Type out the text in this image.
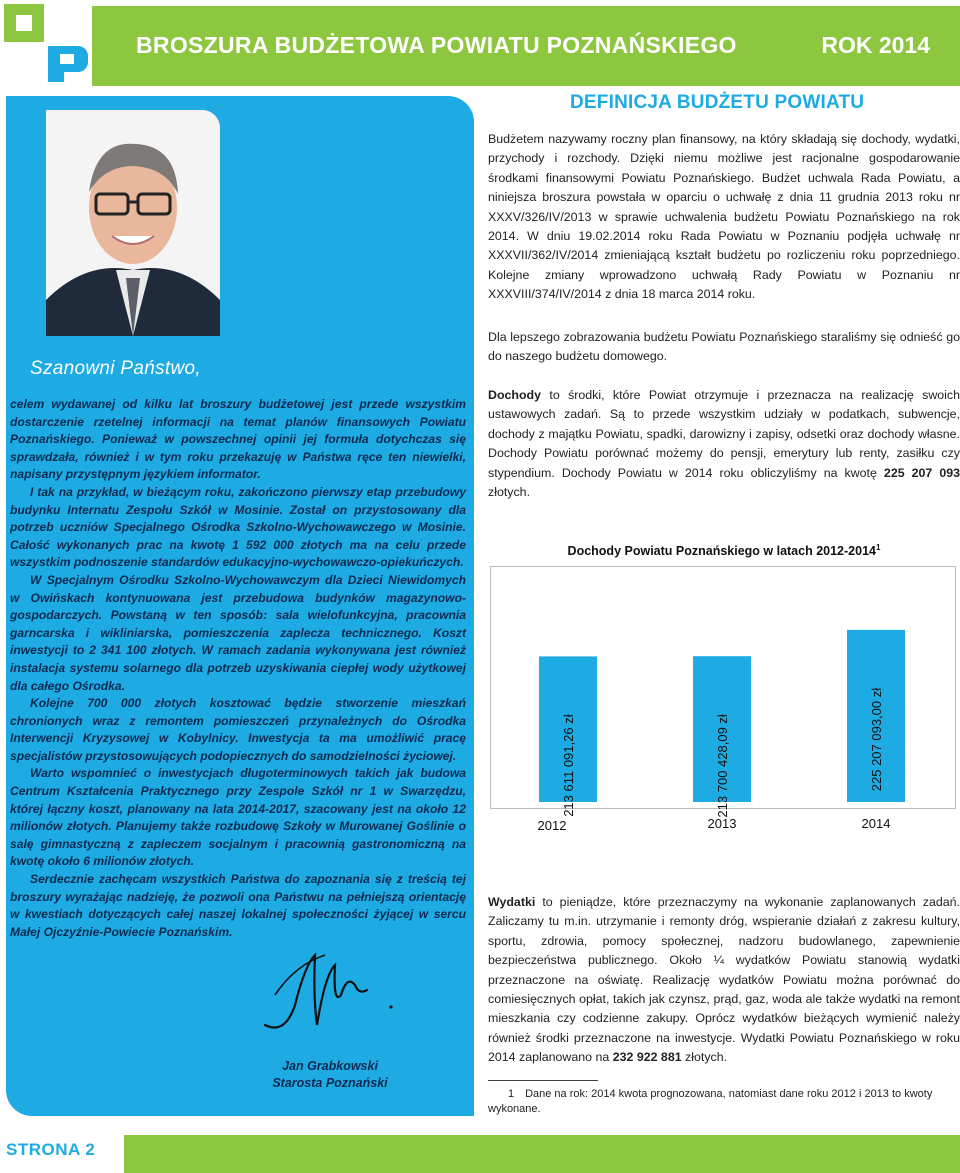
BROSZURA BUDŻETOWA POWIATU POZNAŃSKIEGO	ROK 2014
Szanowni Państwo,

celem wydawanej od kilku lat broszury budżetowej jest przede wszystkim dostarczenie rzetelnej informacji na temat planów finansowych Powiatu Poznańskiego. Ponieważ w powszechnej opinii jej formuła dotychczas się sprawdzała, również i w tym roku przekazuję w Państwa ręce ten niewielki, napisany przystępnym językiem informator.

I tak na przykład, w bieżącym roku, zakończono pierwszy etap przebudowy budynku Internatu Zespołu Szkół w Mosinie. Został on przystosowany dla potrzeb uczniów Specjalnego Ośrodka Szkolno-Wychowawczego w Mosinie. Całość wykonanych prac na kwotę 1 592 000 złotych ma na celu przede wszystkim podnoszenie standardów edukacyjno-wychowawczo-opiekuńczych.

W Specjalnym Ośrodku Szkolno-Wychowawczym dla Dzieci Niewidomych w Owińskach kontynuowana jest przebudowa budynków magazynowo-gospodarczych. Powstaną w ten sposób: sala wielofunkcyjna, pracownia garncarska i wikliniarska, pomieszczenia zaplecza technicznego. Koszt inwestycji to 2 341 100 złotych. W ramach zadania wykonywana jest również instalacja systemu solarnego dla potrzeb uzyskiwania ciepłej wody użytkowej dla całego Ośrodka.

Kolejne 700 000 złotych kosztować będzie stworzenie mieszkań chronionych wraz z remontem pomieszczeń przynależnych do Ośrodka Interwencji Kryzysowej w Kobylnicy. Inwestycja ta ma umożliwić pracę specjalistów przystosowujących podopiecznych do samodzielności życiowej.

Warto wspomnieć o inwestycjach długoterminowych takich jak budowa Centrum Kształcenia Praktycznego przy Zespole Szkół nr 1 w Swarzędzu, której łączny koszt, planowany na lata 2014-2017, szacowany jest na około 12 milionów złotych. Planujemy także rozbudowę Szkoły w Murowanej Goślinie o salę gimnastyczną z zapleczem socjalnym i pracownią gastronomiczną na kwotę około 6 milionów złotych.

Serdecznie zachęcam wszystkich Państwa do zapoznania się z treścią tej broszury wyrażając nadzieję, że pozwoli ona Państwu na pełniejszą orientację w kwestiach dotyczących całej naszej lokalnej społeczności żyjącej w sercu Małej Ojczyźnie-Powiecie Poznańskim.

Jan Grabkowski
Starosta Poznański
DEFINICJA BUDŻETU POWIATU

Budżetem nazywamy roczny plan finansowy, na który składają się dochody, wydatki, przychody i rozchody. Dzięki niemu możliwe jest racjonalne gospodarowanie środkami finansowymi Powiatu Poznańskiego. Budżet uchwala Rada Powiatu, a niniejsza broszura powstała w oparciu o uchwałę z dnia 11 grudnia 2013 roku nr XXXV/326/IV/2013 w sprawie uchwalenia budżetu Powiatu Poznańskiego na rok 2014. W dniu 19.02.2014 roku Rada Powiatu w Poznaniu podjęła uchwałę nr XXXVII/362/IV/2014 zmieniającą kształt budżetu po rozliczeniu roku poprzedniego. Kolejne zmiany wprowadzono uchwałą Rady Powiatu w Poznaniu nr XXXVIII/374/IV/2014 z dnia 18 marca 2014 roku.

Dla lepszego zobrazowania budżetu Powiatu Poznańskiego staraliśmy się odnieść go do naszego budżetu domowego.

Dochody to środki, które Powiat otrzymuje i przeznacza na realizację swoich ustawowych zadań. Są to przede wszystkim udziały w podatkach, subwencje, dochody z majątku Powiatu, spadki, darowizny i zapisy, odsetki oraz dochody własne. Dochody Powiatu porównać możemy do pensji, emerytury lub renty, zasiłku czy stypendium. Dochody Powiatu w 2014 roku obliczyliśmy na kwotę 225 207 093 złotych.

Dochody Powiatu Poznańskiego w latach 2012-2014$^1$
213 611 091,26 zł
2012
213 700 428,09 zł
2013
225 207 093,00 zł
2014

Wydatki to pieniądze, które przeznaczymy na wykonanie zaplanowanych zadań. Zaliczamy tu m.in. utrzymanie i remonty dróg, wspieranie działań z zakresu kultury, sportu, zdrowia, pomocy społecznej, nadzoru budowlanego, zapewnienie bezpieczeństwa publicznego. Około ¼ wydatków Powiatu stanowią wydatki przeznaczone na oświatę. Realizację wydatków Powiatu można porównać do comiesięcznych opłat, takich jak czynsz, prąd, gaz, woda ale także wydatki na remont mieszkania czy codzienne zakupy. Oprócz wydatków bieżących wymienić należy również środki przeznaczone na inwestycje. Wydatki Powiatu Poznańskiego w roku 2014 zaplanowano na 232 922 881 złotych.

1 Dane na rok: 2014 kwota prognozowana, natomiast dane roku 2012 i 2013 to kwoty wykonane.
STRONA 2
